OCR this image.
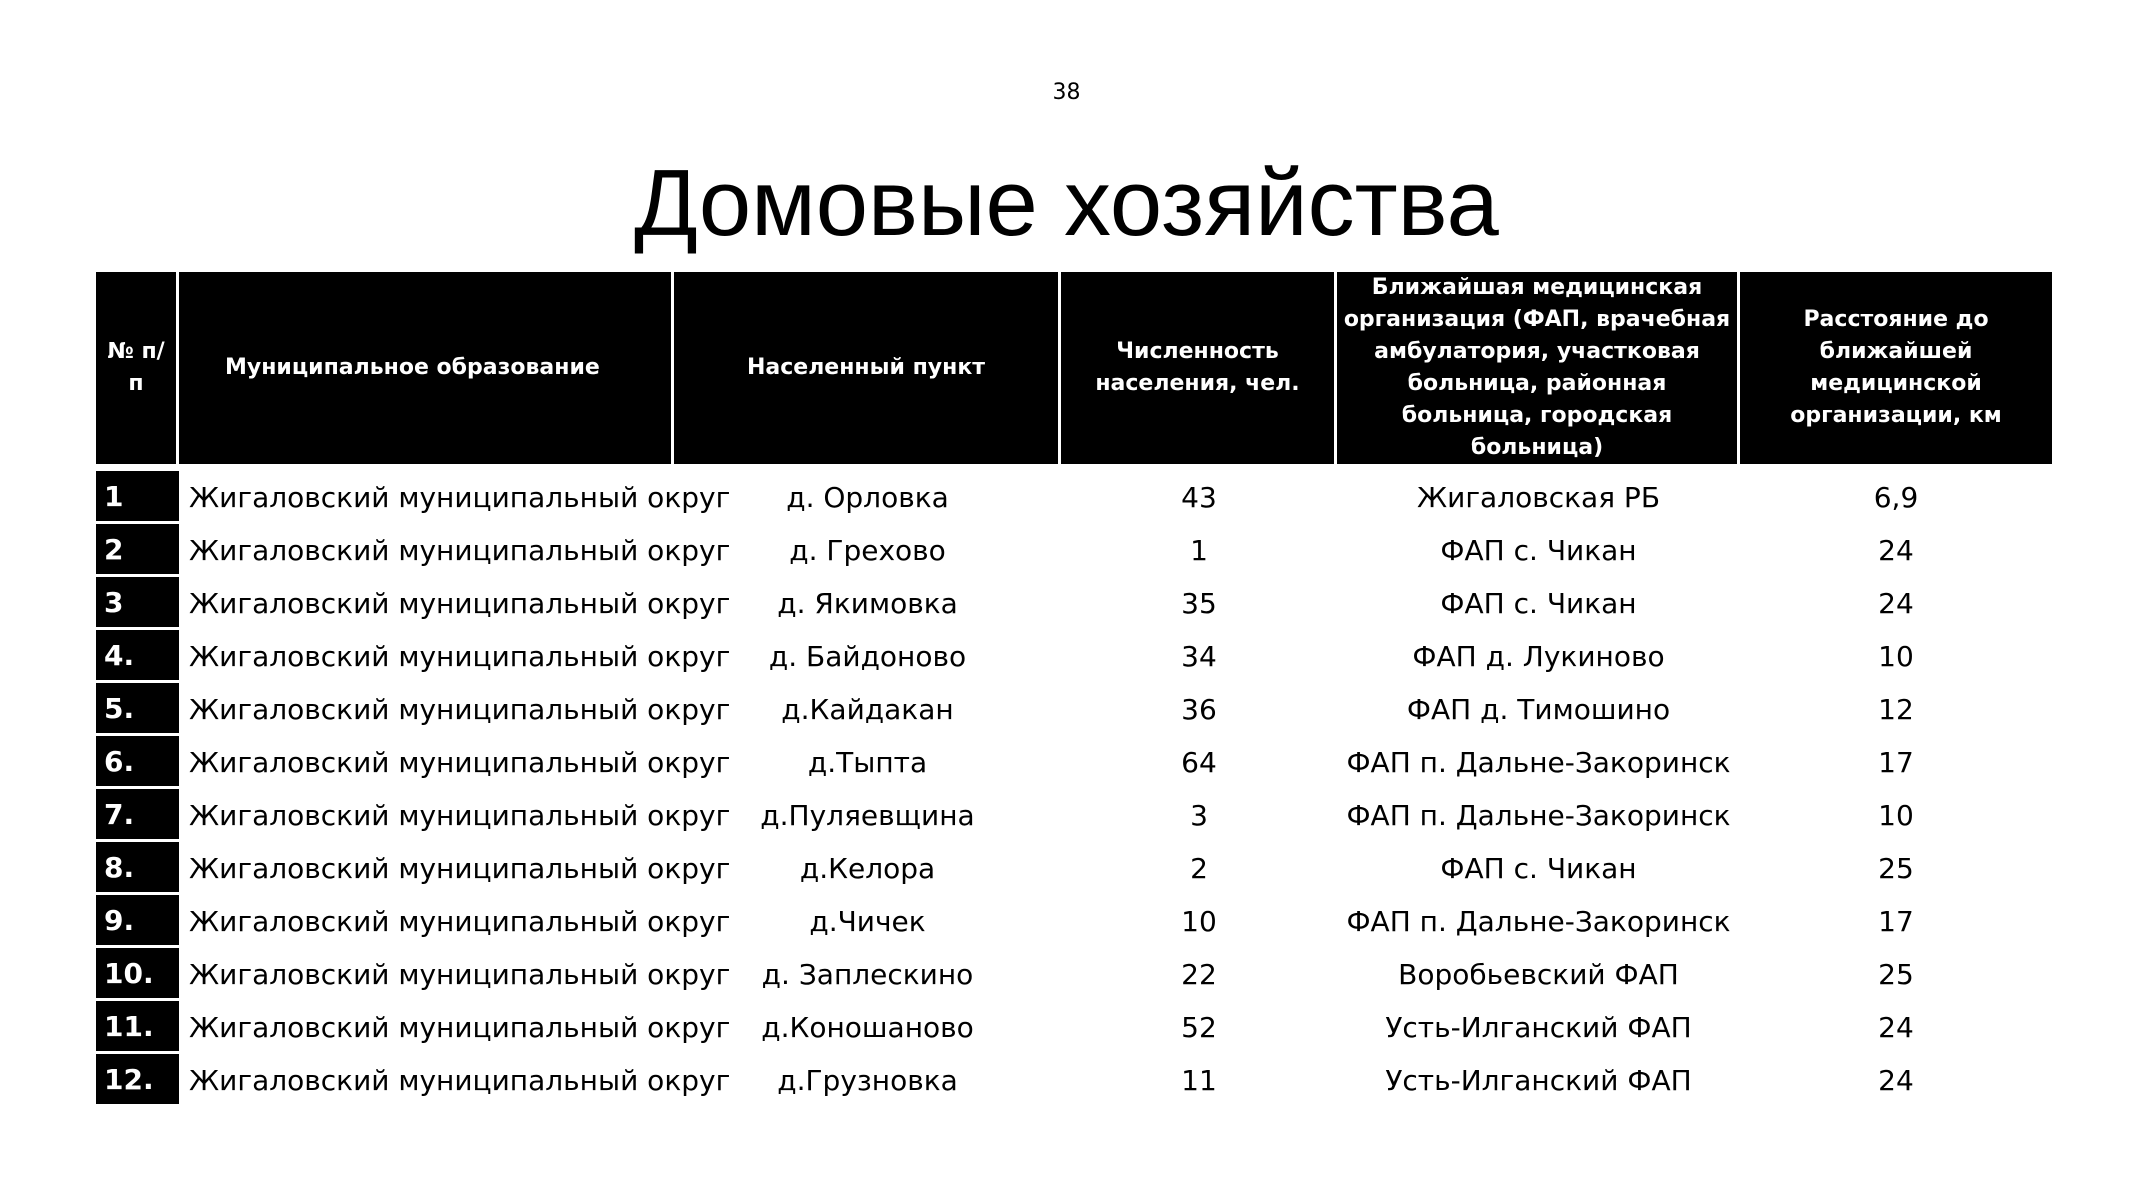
38
Домовые хозяйства
№ п/п	Муниципальное образование	Населенный пункт	Численность населения, чел.	Ближайшая медицинская организация (ФАП, врачебная амбулатория, участковая больница, районная больница, городская больница)	Расстояние до ближайшей медицинской организации, км

1	Жигаловский муниципальный округ	д. Орловка	43	Жигаловская РБ	6,9
2	Жигаловский муниципальный округ	д. Грехово	1	ФАП с. Чикан	24
3	Жигаловский муниципальный округ	д. Якимовка	35	ФАП с. Чикан	24
4.	Жигаловский муниципальный округ	д. Байдоново	34	ФАП д. Лукиново	10
5.	Жигаловский муниципальный округ	д.Кайдакан	36	ФАП д. Тимошино	12
6.	Жигаловский муниципальный округ	д.Тыпта	64	ФАП п. Дальне-Закоринск	17
7.	Жигаловский муниципальный округ	д.Пуляевщина	3	ФАП п. Дальне-Закоринск	10
8.	Жигаловский муниципальный округ	д.Келора	2	ФАП с. Чикан	25
9.	Жигаловский муниципальный округ	д.Чичек	10	ФАП п. Дальне-Закоринск	17
10.	Жигаловский муниципальный округ	д. Заплескино	22	Воробьевский ФАП	25
11.	Жигаловский муниципальный округ	д.Коношаново	52	Усть-Илганский ФАП	24
12.	Жигаловский муниципальный округ	д.Грузновка	11	Усть-Илганский ФАП	24
